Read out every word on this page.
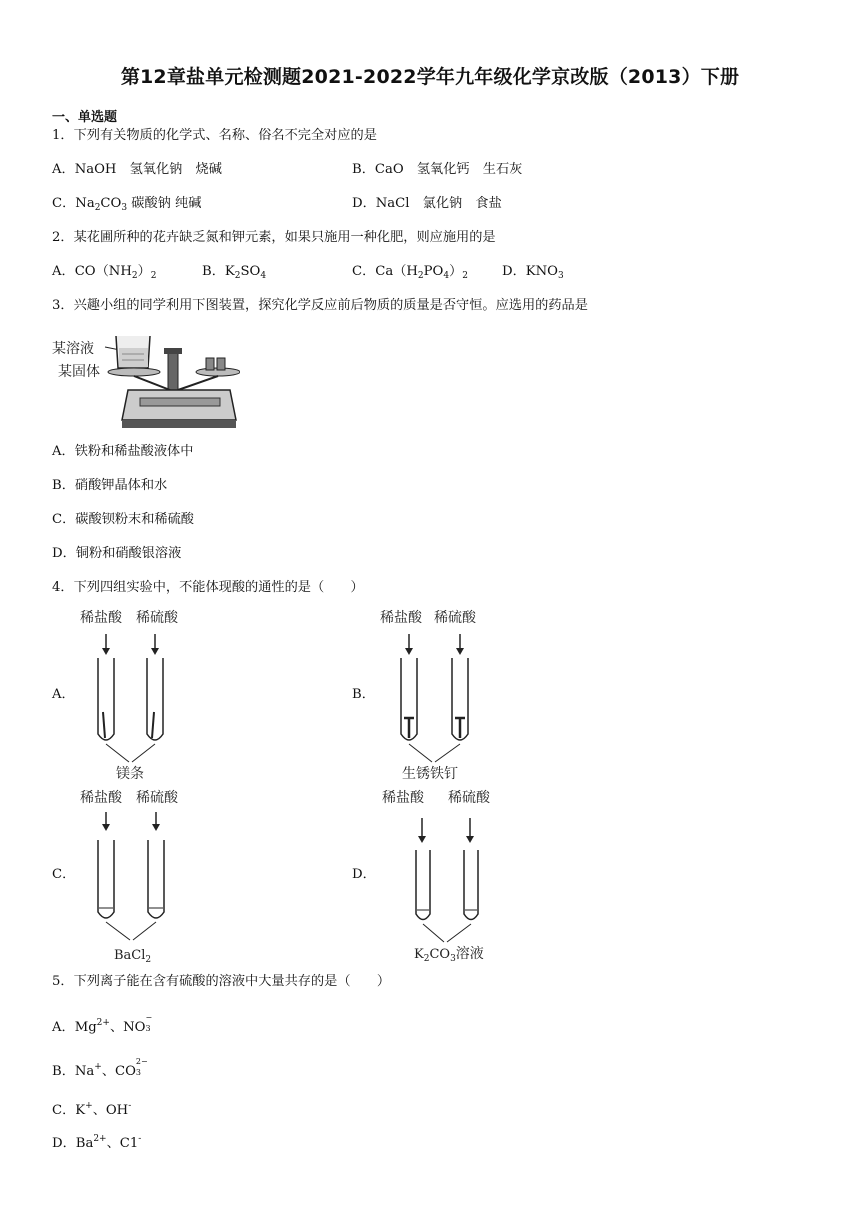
第12章盐单元检测题2021-2022学年九年级化学京改版（2013）下册
一、单选题
1．下列有关物质的化学式、名称、俗名不完全对应的是
A．NaOH　氢氧化钠　烧碱	B．CaO　氢氧化钙　生石灰
C．$Na_2CO_3$ 碳酸钠 纯碱	D．NaCl　氯化钠　食盐
2．某花圃所种的花卉缺乏氮和钾元素，如果只施用一种化肥，则应施用的是
A．$CO(NH_2)_2$	B．$K_2SO_4$	C．$Ca(H_2PO_4)_2$	D．$KNO_3$
3．兴趣小组的同学利用下图装置，探究化学反应前后物质的质量是否守恒。应选用的药品是
某溶液
某固体
A．铁粉和稀盐酸液体中
B．硝酸钾晶体和水
C．碳酸钡粉末和稀硫酸
D．铜粉和硝酸银溶液
4．下列四组实验中，不能体现酸的通性的是（　　）
A．	B．
C．	D．
稀盐酸 稀硫酸
镁条
稀盐酸 稀硫酸
生锈铁钉
稀盐酸 稀硫酸
BaCl$_2$
稀盐酸 稀硫酸
$K_2CO_3$溶液
5．下列离子能在含有硫酸的溶液中大量共存的是（　　）
A．$Mg^{2+}$、NO
−
3
B．Na+、CO
2−
3
C．K+、OH-
D．$Ba^{2+}$、C1-
